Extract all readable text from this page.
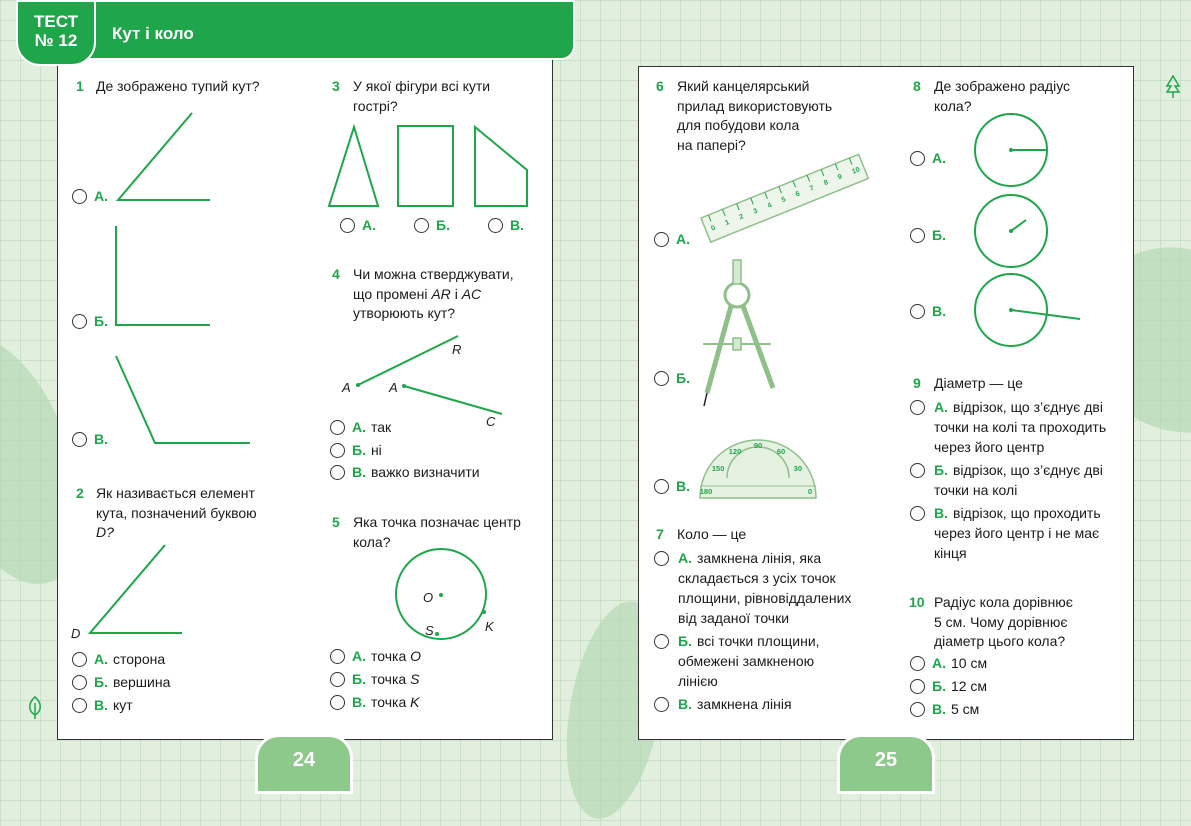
ТЕСТ
№ 12	Кут і коло
1 Де зображено тупий кут?
А.
Б.
В.
2 Як називається елемент
кута, позначений буквою
D?
D
А. сторона
Б. вершина
В. кут
3 У якої фігури всі кути
гострі?
А.	Б.	В.
4 Чи можна стверджувати,
що промені AR і AC
утворюють кут?
A
R
A
C
А. так
Б. ні
В. важко визначити
5 Яка точка позначає центр
кола?
O
S	K
А. точка
O
Б. точка
S
В. точка
K
24
6 Який канцелярський
прилад використовують
для побудови кола
на папері?
0
1
2
3
4
5
6
7
8
9
10
А.
Б.
180
150
120
90
60
30
0
В.
7 Коло — це
А. замкнена лінія, яка
складається з усіх точок
площини, рівновіддалених
від заданої точки
Б. всі точки площини,
обмежені замкненою
лінією
В. замкнена лінія
8 Де зображено радіус
кола?
А.
Б.
В.
9 Діаметр — це
А. відрізок, що з’єднує дві
точки на колі та проходить
через його центр
Б. відрізок, що з’єднує дві
точки на колі
В. відрізок, що проходить
через його центр і не має
кінця
10 Радіус кола дорівнює
5 см. Чому дорівнює
діаметр цього кола?
А. 10 см
Б. 12 см
В. 5 см
25
